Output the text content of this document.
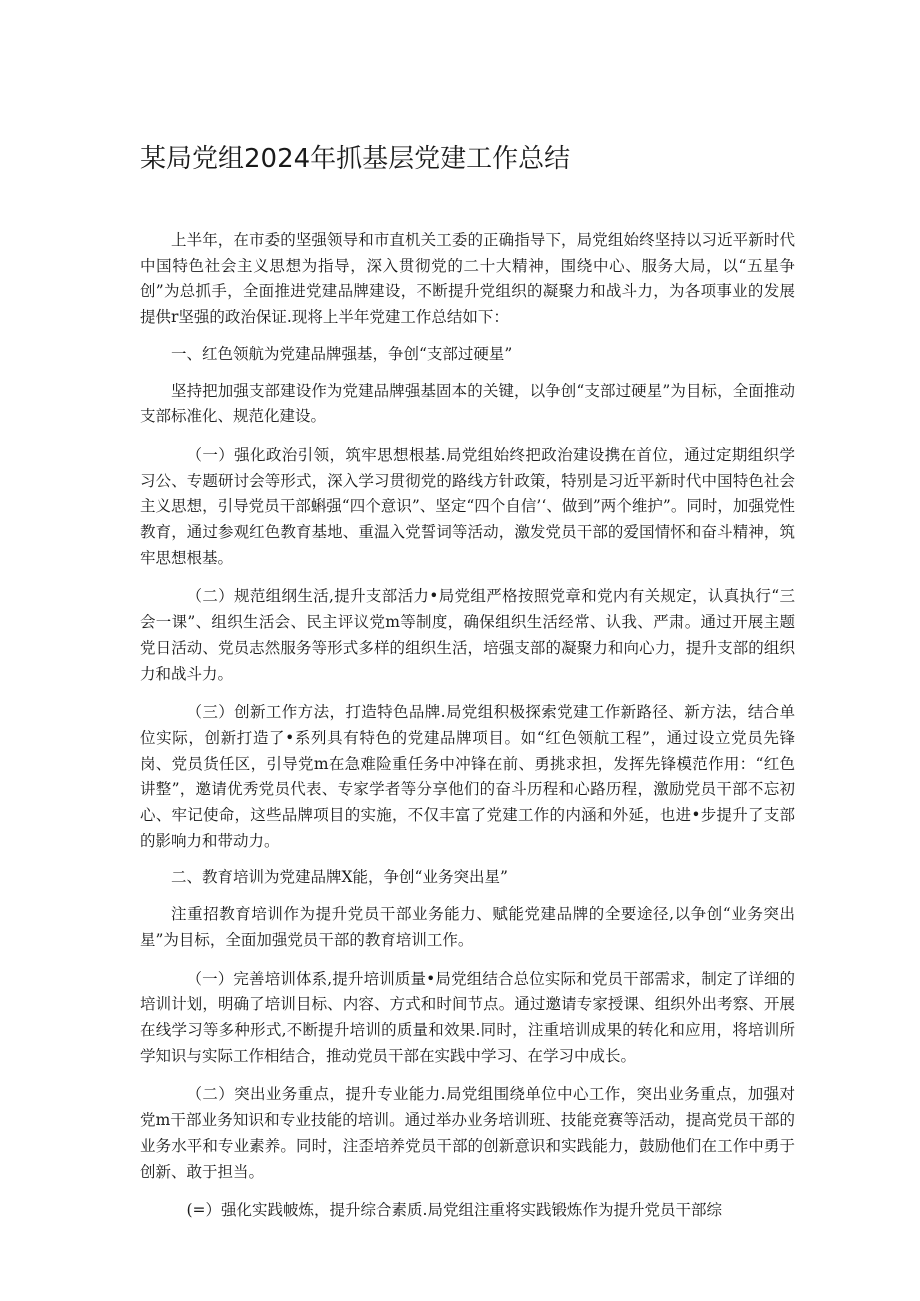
某局党组2024年抓基层党建工作总结

上半年，在市委的坚强领导和市直机关工委的正确指导下，局党组始终坚持以习近平新时代中国特色社会主义思想为指导，深入贯彻党的二十大精神，围绕中心、服务大局，以“五星争创”为总抓手，全面推进党建品牌建设，不断提升党组织的凝聚力和战斗力，为各项事业的发展提供r坚强的政治保证.现将上半年党建工作总结如下：

一、红色领航为党建品牌强基，争创“支部过硬星”

坚持把加强支部建设作为党建品牌强基固本的关键，以争创“支部过硬星”为目标，全面推动支部标准化、规范化建设。

（一）强化政治引领，筑牢思想根基.局党组始终把政治建设携在首位，通过定期组织学习公、专题研讨会等形式，深入学习贯彻党的路线方针政策，特别是习近平新时代中国特色社会主义思想，引导党员干部蝌强“四个意识”、坚定“四个自信’‘、做到”两个维护”。同时，加强党性教育，通过参观红色教育基地、重温入党誓词等活动，激发党员干部的爱国情怀和奋斗精神，筑牢思想根基。

（二）规范组纲生活,提升支部活力•局党组严格按照党章和党内有关规定，认真执行“三会一课”、组织生活会、民主评议党m等制度，确保组织生活经常、认我、严肃。通过开展主题党日活动、党员志然服务等形式多样的组织生活，培强支部的凝聚力和向心力，提升支部的组织力和战斗力。

（三）创新工作方法，打造特色品牌.局党组积极探索党建工作新路径、新方法，结合单位实际，创新打造了•系列具有特色的党建品牌项目。如“红色领航工程”，通过设立党员先锋岗、党员货任区，引导党m在急难险重任务中冲锋在前、勇挑求担，发挥先锋模范作用：“红色讲整”，邀请优秀党员代表、专家学者等分享他们的奋斗历程和心路历程，激励党员干部不忘初心、牢记使命，这些品牌项目的实施，不仅丰富了党建工作的内涵和外延，也进•步提升了支部的影响力和带动力。

二、教育培训为党建品牌X能，争创“业务突出星”

注重招教育培训作为提升党员干部业务能力、赋能党建品牌的全要途径,以争创“业务突出星”为目标，全面加强党员干部的教育培训工作。

（一）完善培训体系,提升培训质量•局党组结合总位实际和党员干部需求，制定了详细的培训计划，明确了培训目标、内容、方式和时间节点。通过邀请专家授课、组织外出考察、开展在线学习等多种形式,不断提升培训的质量和效果.同时，注重培训成果的转化和应用，将培训所学知识与实际工作相结合，推动党员干部在实践中学习、在学习中成长。

（二）突出业务重点，提升专业能力.局党组围绕单位中心工作，突出业务重点，加强对党m干部业务知识和专业技能的培训。通过举办业务培训班、技能竞赛等活动，提高党员干部的业务水平和专业素养。同时，注歪培养党员干部的创新意识和实践能力，鼓励他们在工作中勇于创新、敢于担当。

(=）强化实践帔炼，提升综合素质.局党组注重将实践锻炼作为提升党员干部综
